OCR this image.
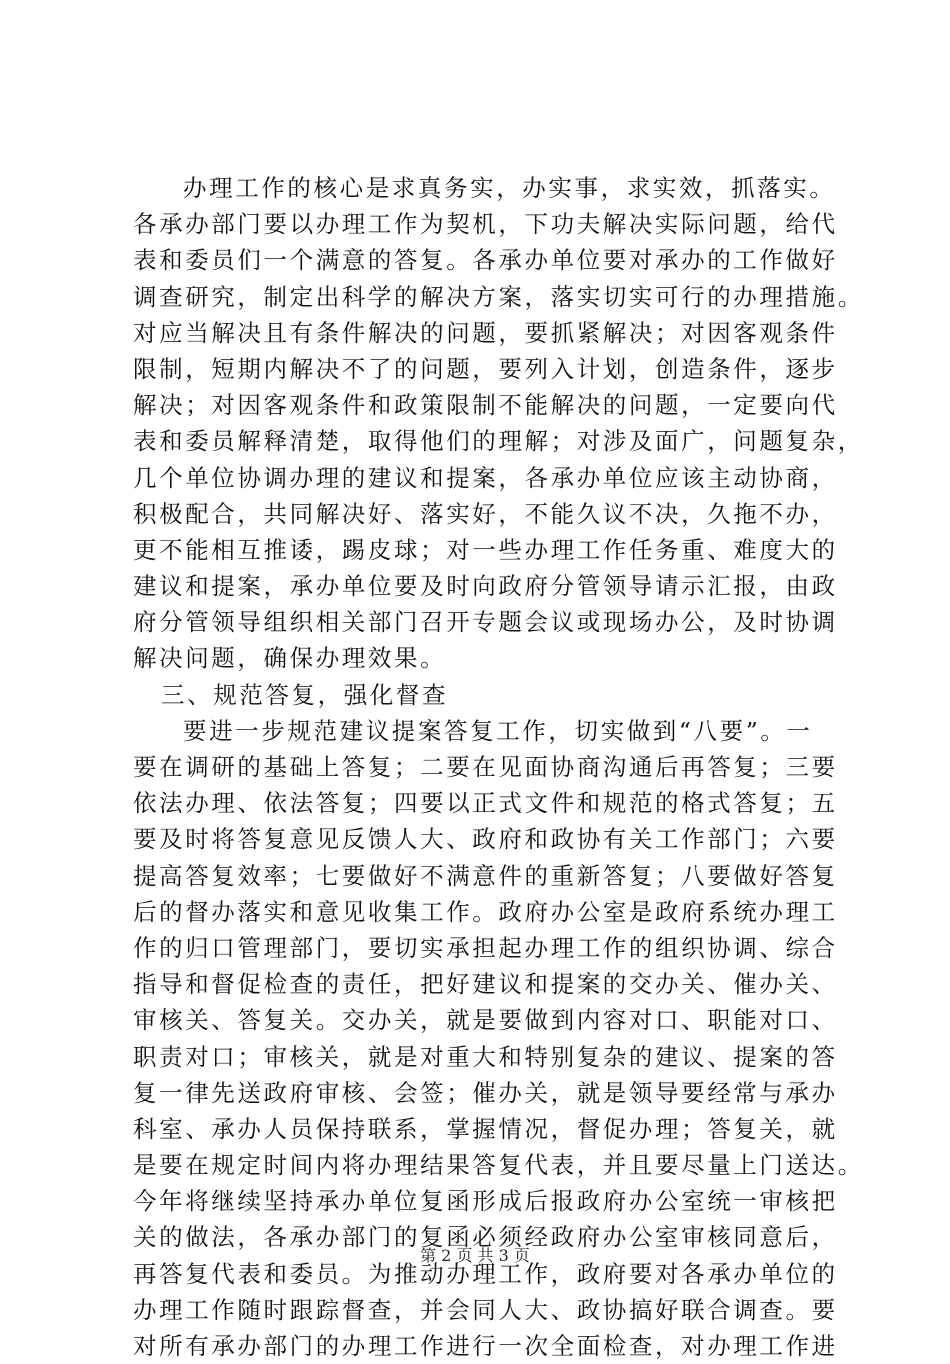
办理工作的核心是求真务实，办实事，求实效，抓落实。
各承办部门要以办理工作为契机，下功夫解决实际问题，给代
表和委员们一个满意的答复。各承办单位要对承办的工作做好
调查研究，制定出科学的解决方案，落实切实可行的办理措施。
对应当解决且有条件解决的问题，要抓紧解决；对因客观条件
限制，短期内解决不了的问题，要列入计划，创造条件，逐步
解决；对因客观条件和政策限制不能解决的问题，一定要向代
表和委员解释清楚，取得他们的理解；对涉及面广，问题复杂，
几个单位协调办理的建议和提案，各承办单位应该主动协商，
积极配合，共同解决好、落实好，不能久议不决，久拖不办，
更不能相互推诿，踢皮球；对一些办理工作任务重、难度大的
建议和提案，承办单位要及时向政府分管领导请示汇报，由政
府分管领导组织相关部门召开专题会议或现场办公，及时协调
解决问题，确保办理效果。
三、规范答复，强化督查
要进一步规范建议提案答复工作，切实做到“八要”。一
要在调研的基础上答复；二要在见面协商沟通后再答复；三要
依法办理、依法答复；四要以正式文件和规范的格式答复；五
要及时将答复意见反馈人大、政府和政协有关工作部门；六要
提高答复效率；七要做好不满意件的重新答复；八要做好答复
后的督办落实和意见收集工作。政府办公室是政府系统办理工
作的归口管理部门，要切实承担起办理工作的组织协调、综合
指导和督促检查的责任，把好建议和提案的交办关、催办关、
审核关、答复关。交办关，就是要做到内容对口、职能对口、
职责对口；审核关，就是对重大和特别复杂的建议、提案的答
复一律先送政府审核、会签；催办关，就是领导要经常与承办
科室、承办人员保持联系，掌握情况，督促办理；答复关，就
是要在规定时间内将办理结果答复代表，并且要尽量上门送达。
今年将继续坚持承办单位复函形成后报政府办公室统一审核把
关的做法，各承办部门的复函必须经政府办公室审核同意后，
再答复代表和委员。为推动办理工作，政府要对各承办单位的
办理工作随时跟踪督查，并会同人大、政协搞好联合调查。要
对所有承办部门的办理工作进行一次全面检查，对办理工作进
第 2 页 共 3 页
